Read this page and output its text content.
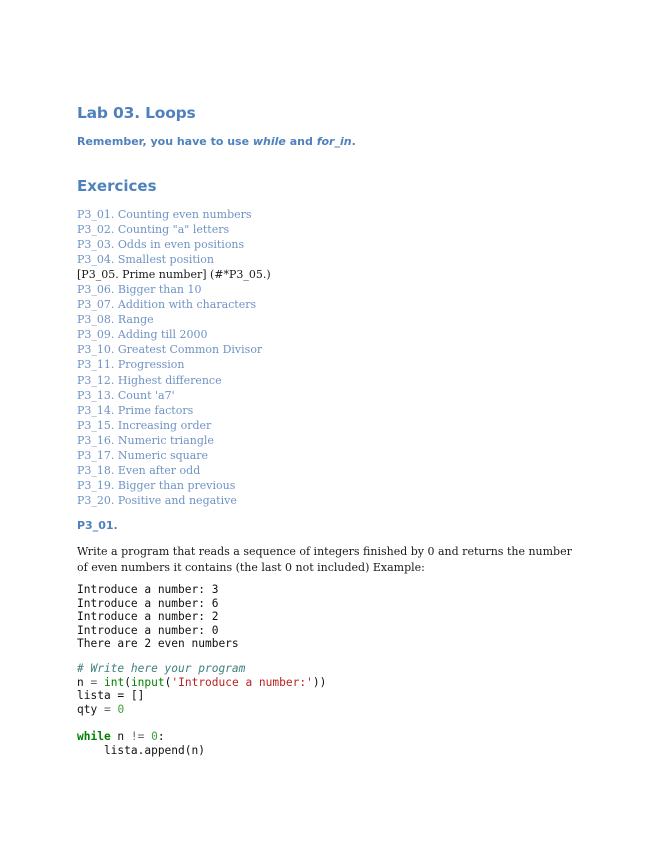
Lab 03. Loops
Remember, you have to use while and for_in.
Exercices
P3_01. Counting even numbers
P3_02. Counting "a" letters
P3_03. Odds in even positions
P3_04. Smallest position
[P3_05. Prime number] (#*P3_05.)
P3_06. Bigger than 10
P3_07. Addition with characters
P3_08. Range
P3_09. Adding till 2000
P3_10. Greatest Common Divisor
P3_11. Progression
P3_12. Highest difference
P3_13. Count 'a7'
P3_14. Prime factors
P3_15. Increasing order
P3_16. Numeric triangle
P3_17. Numeric square
P3_18. Even after odd
P3_19. Bigger than previous
P3_20. Positive and negative
P3_01.
Write a program that reads a sequence of integers finished by 0 and returns the number of even numbers it contains (the last 0 not included) Example:
Introduce a number: 3
Introduce a number: 6
Introduce a number: 2
Introduce a number: 0
There are 2 even numbers
# Write here your program
n = int(input('Introduce a number:'))
lista = []
qty = 0

while n != 0:
lista.append(n)
